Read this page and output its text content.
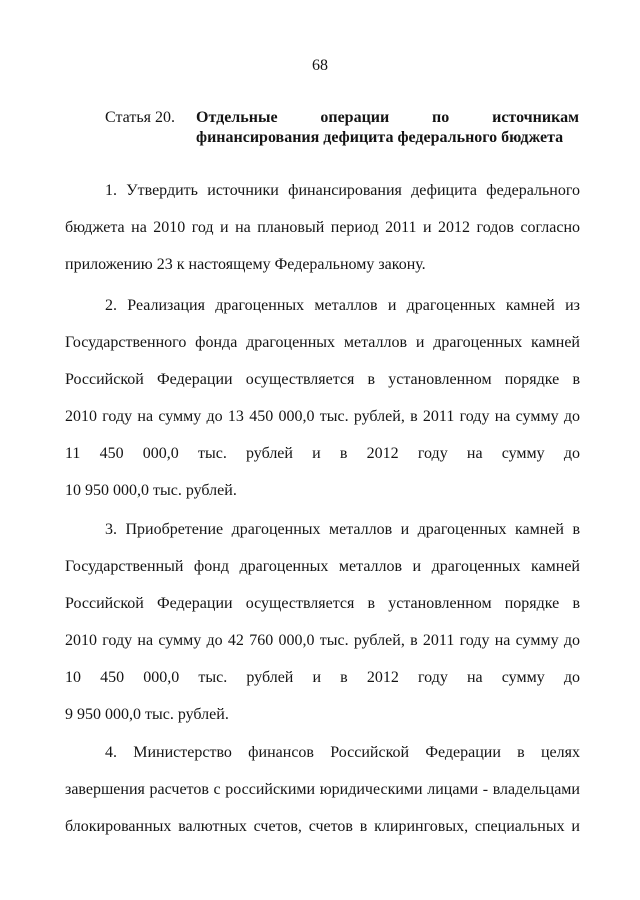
68
Статья 20. Отдельные операции по источникам
финансирования дефицита федерального бюджета
1. Утвердить источники финансирования дефицита федерального
бюджета на 2010 год и на плановый период 2011 и 2012 годов согласно
приложению 23 к настоящему Федеральному закону.
2. Реализация драгоценных металлов и драгоценных камней из
Государственного фонда драгоценных металлов и драгоценных камней
Российской Федерации осуществляется в установленном порядке в
2010 году на сумму до 13 450 000,0 тыс. рублей, в 2011 году на сумму до
11 450 000,0 тыс. рублей и в 2012 году на сумму до
10 950 000,0 тыс. рублей.
3. Приобретение драгоценных металлов и драгоценных камней в
Государственный фонд драгоценных металлов и драгоценных камней
Российской Федерации осуществляется в установленном порядке в
2010 году на сумму до 42 760 000,0 тыс. рублей, в 2011 году на сумму до
10 450 000,0 тыс. рублей и в 2012 году на сумму до
9 950 000,0 тыс. рублей.
4. Министерство финансов Российской Федерации в целях
завершения расчетов с российскими юридическими лицами - владельцами
блокированных валютных счетов, счетов в клиринговых, специальных и
